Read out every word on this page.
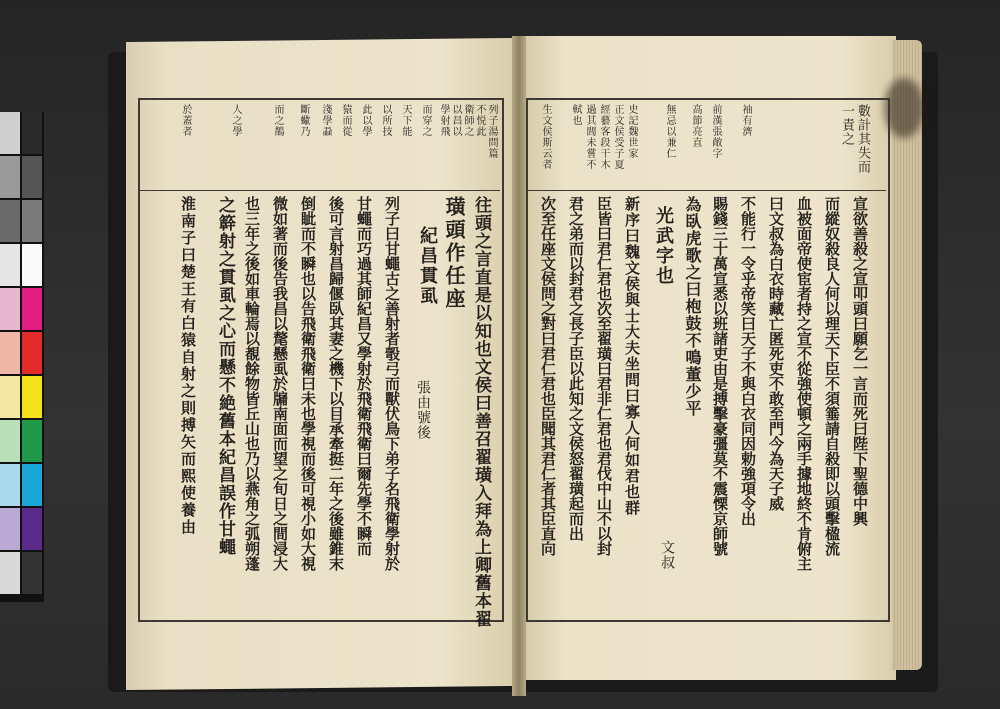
列子湯問篇
不悦此
衛師之
以昌以
學射飛
而穿之
天下能
以所技
此以學
猿而從
淺學蝨
斷蠍乃
而之鵲
人之學
於蓋者
往頭之言直是以知也文侯曰善召翟璜入拜為上卿舊本翟
璜頭作任座
紀昌貫虱
張由號後
列子曰甘蠅古之善射者彀弓而獸伏鳥下弟子名飛衛學射於
甘蠅而巧過其師紀昌又學射於飛衛飛衛曰爾先學不瞬而
後可言射昌歸偃臥其妻之機下以目承牽挺二年之後雖錐末
倒眦而不瞬也以告飛衛飛衛曰未也學視而後可視小如大視
微如著而後告我昌以氂懸虱於牖南面而望之旬日之間浸大
也三年之後如車輪焉以覩餘物皆丘山也乃以燕角之弧朔蓬
之簳射之貫虱之心而懸不絶舊本紀昌誤作甘蠅
淮南子曰楚王有白猿自射之則搏矢而熙使養由
史記魏世家
正文侯受子夏
經藝客段干木
過其閭未嘗不
軾也
生文侯斯云者	無忌以兼仁 高節亮直 前漢張敞字 袖有濟	數計其失而
一責之
宣欲善殺之宣叩頭曰願乞一言而死曰陛下聖德中興
而縱奴殺良人何以理天下臣不須箠請自殺即以頭擊楹流
血被面帝使宦者持之宣不從強使頓之兩手據地終不肯俯主
曰文叔為白衣時藏亡匿死吏不敢至門今為天子威
不能行一令乎帝笑曰天子不與白衣同因勅強項令出
賜錢三十萬宣悉以班諸吏由是搏擊豪彊莫不震慄京師號
為臥虎歌之曰枹鼓不鳴董少平
光武字也
文叔
新序曰魏文侯與士大夫坐問曰寡人何如君也群
臣皆曰君仁君也次至翟璜曰君非仁君也君伐中山不以封
君之弟而以封君之長子臣以此知之文侯怒翟璜起而出
次至任座文侯問之對曰君仁君也臣聞其君仁者其臣直向
